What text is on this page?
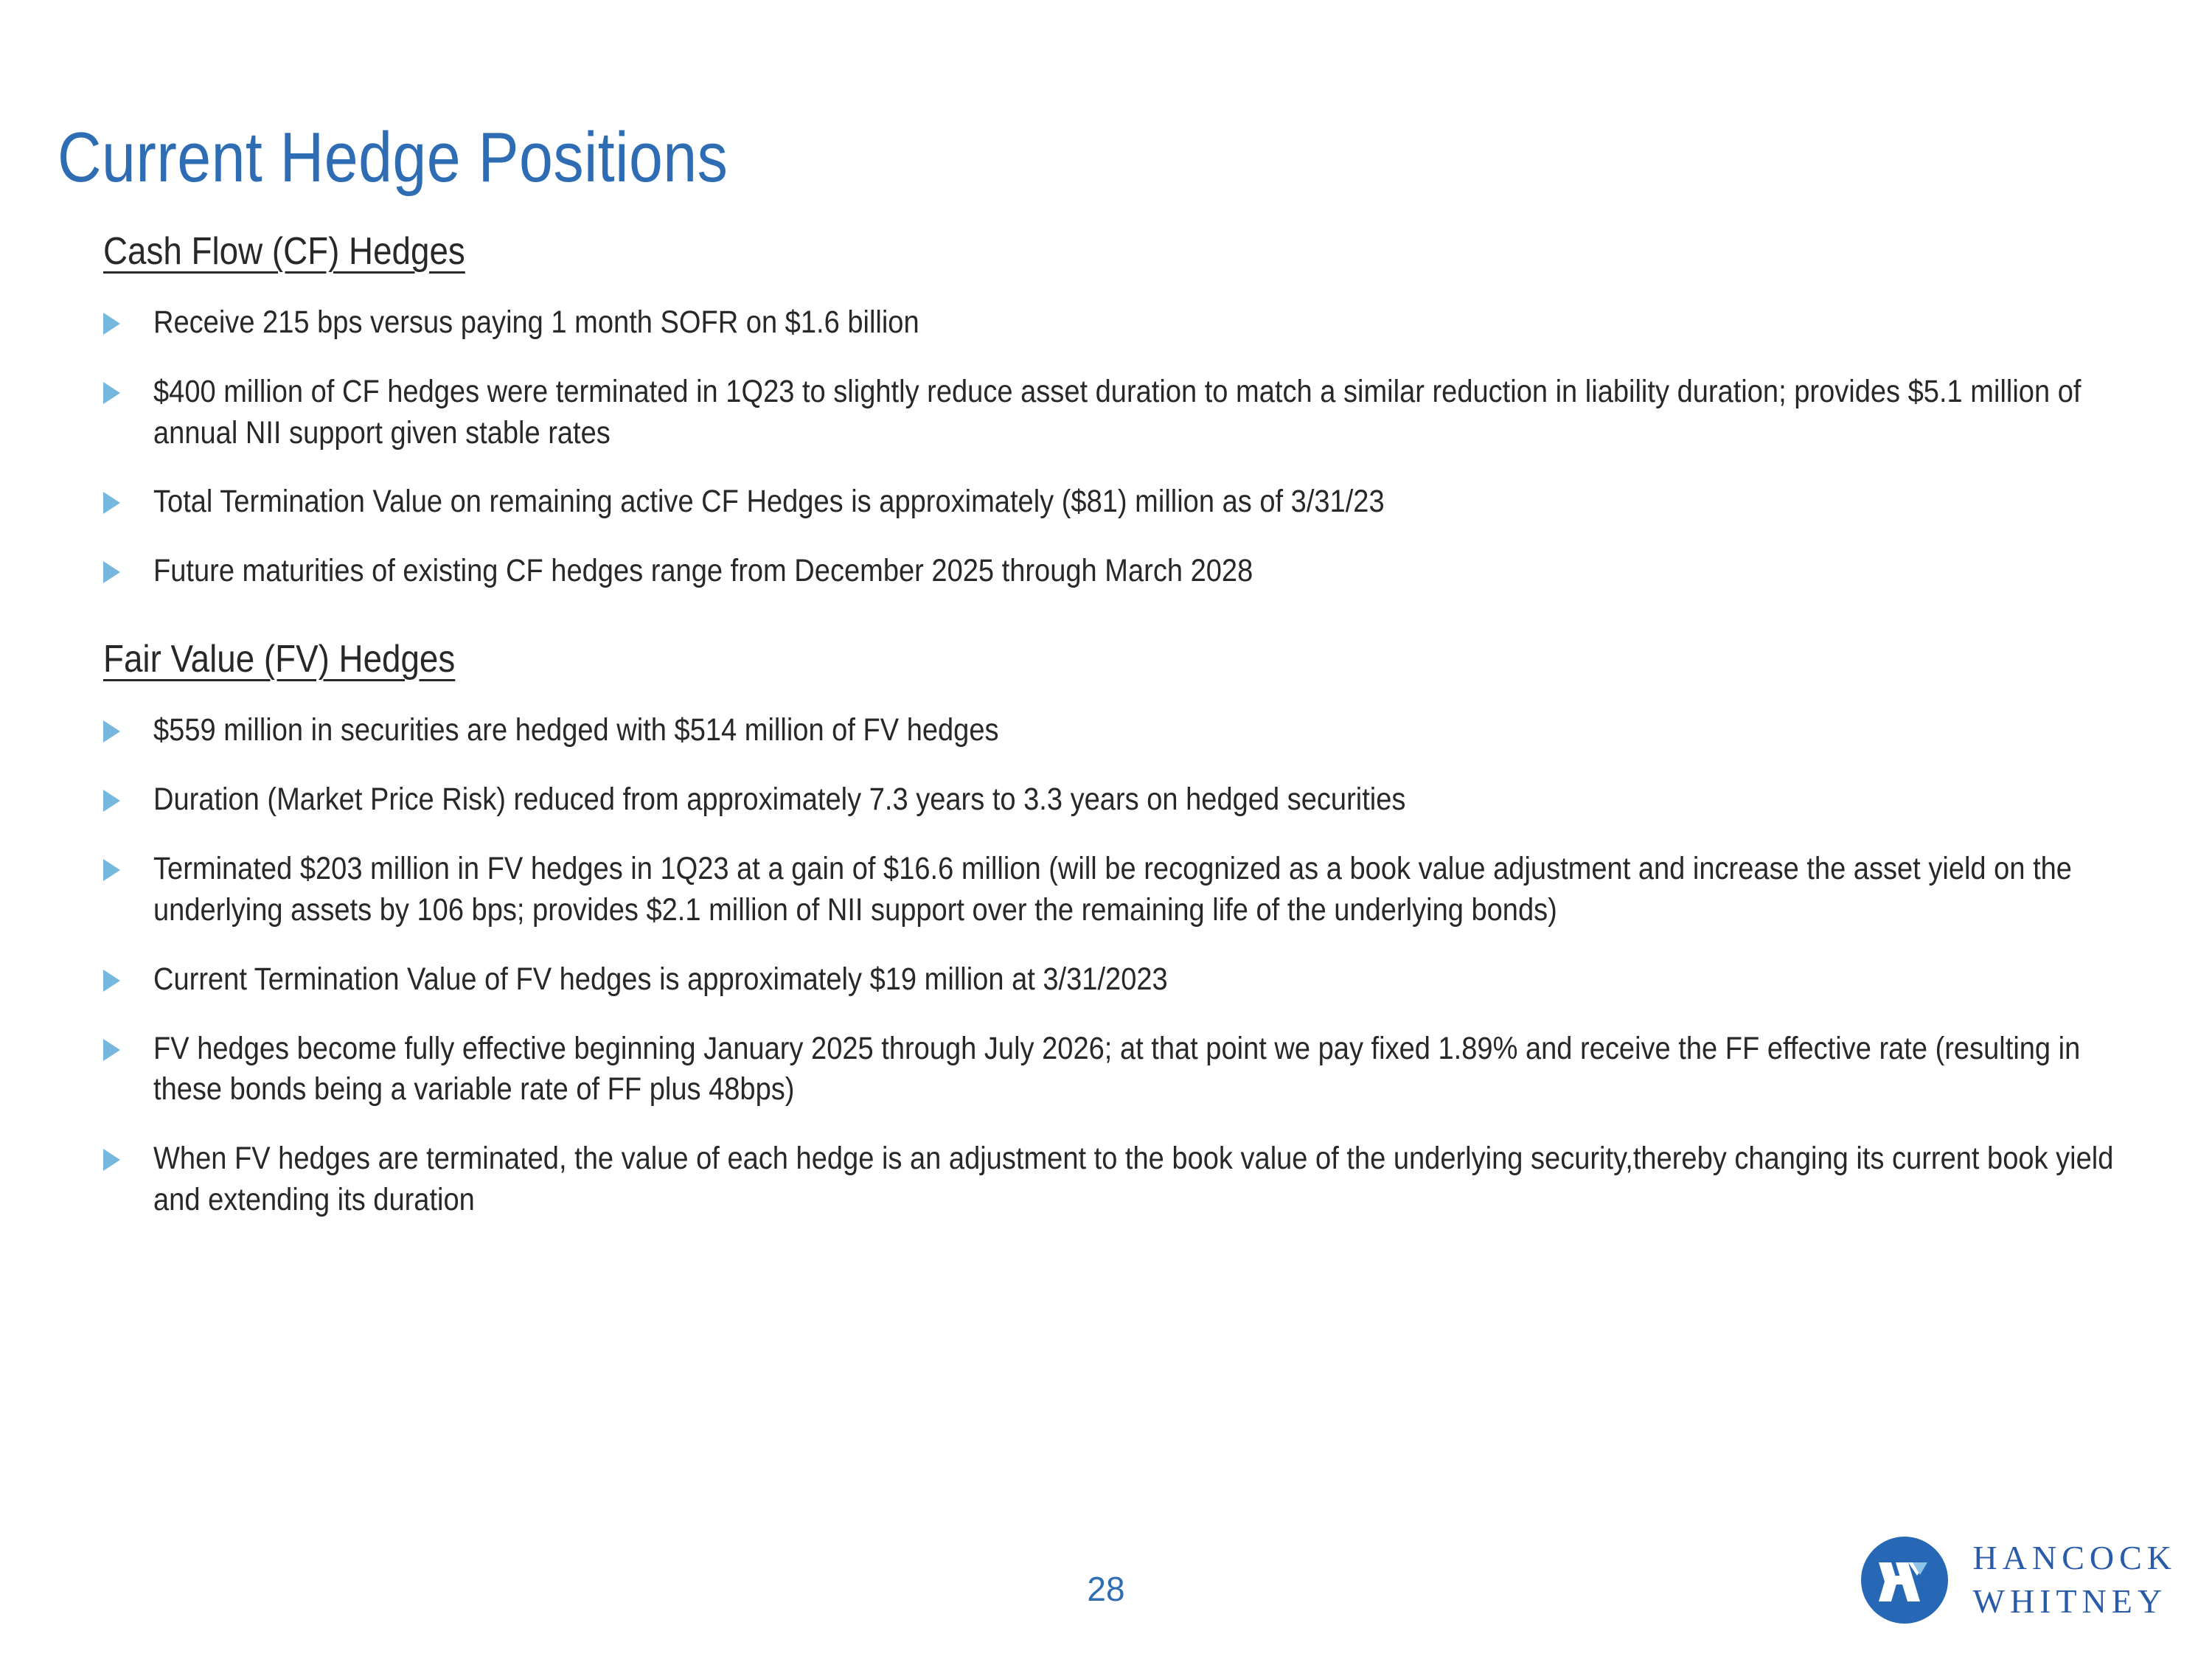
Current Hedge Positions
Cash Flow (CF) Hedges
Receive 215 bps versus paying 1 month SOFR on $1.6 billion
$400 million of CF hedges were terminated in 1Q23 to slightly reduce asset duration to match a similar reduction in liability duration; provides $5.1 million of annual NII support given stable rates
Total Termination Value on remaining active CF Hedges is approximately ($81) million as of 3/31/23
Future maturities of existing CF hedges range from December 2025 through March 2028
Fair Value (FV) Hedges
$559 million in securities are hedged with $514 million of FV hedges
Duration (Market Price Risk) reduced from approximately 7.3 years to 3.3 years on hedged securities
Terminated $203 million in FV hedges in 1Q23 at a gain of $16.6 million (will be recognized as a book value adjustment and increase the asset yield on the underlying assets by 106 bps; provides $2.1 million of NII support over the remaining life of the underlying bonds)
Current Termination Value of FV hedges is approximately $19 million at 3/31/2023
FV hedges become fully effective beginning January 2025 through July 2026; at that point we pay fixed 1.89% and receive the FF effective rate (resulting in these bonds being a variable rate of FF plus 48bps)
When FV hedges are terminated, the value of each hedge is an adjustment to the book value of the underlying security,thereby changing its current book yield and extending its duration
28
HANCOCK
WHITNEY
